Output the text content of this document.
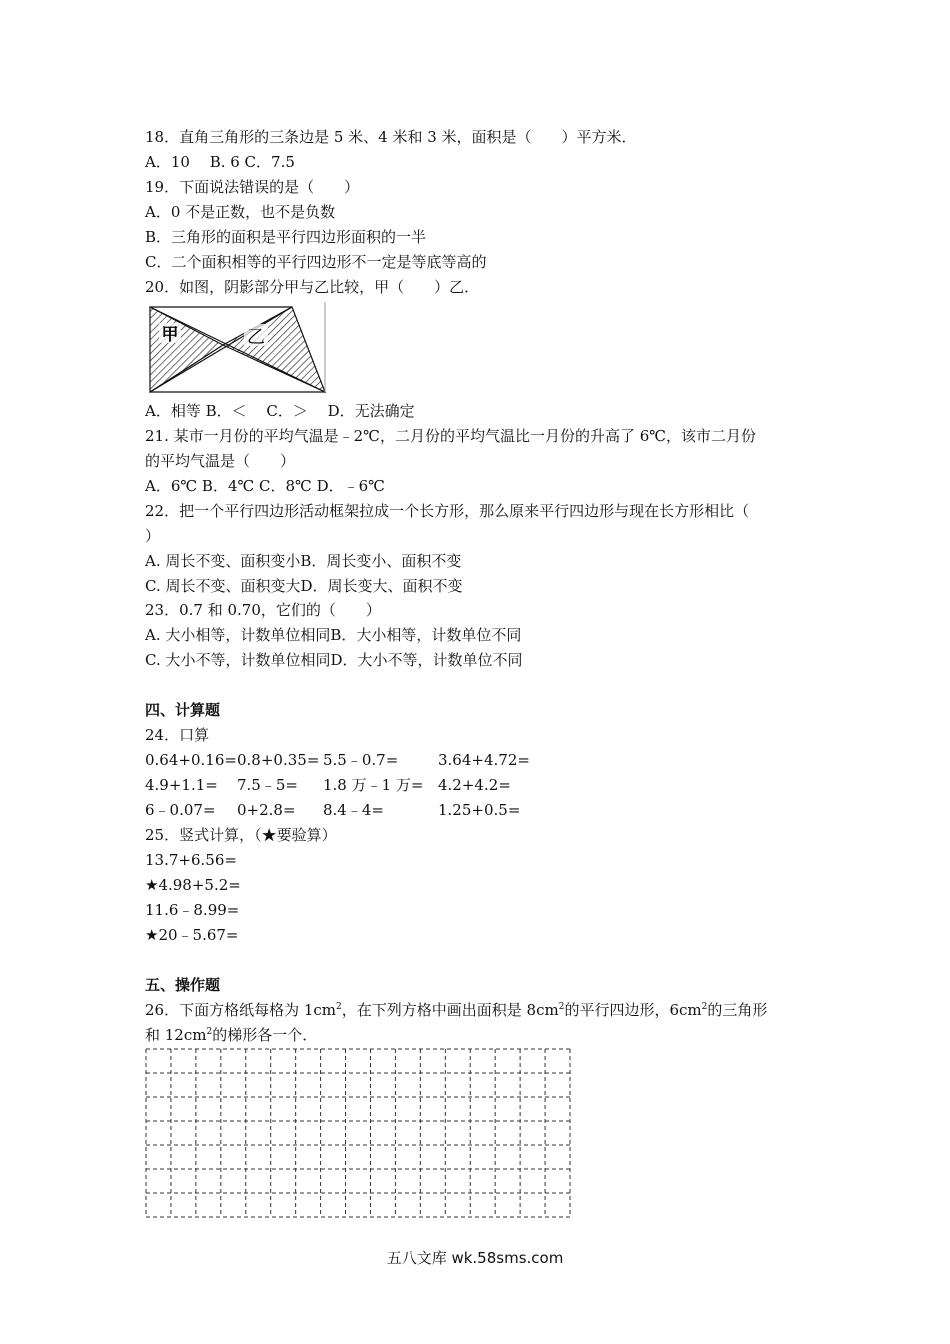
18．直角三角形的三条边是 5 米、4 米和 3 米，面积是（　　）平方米．
A．10　 B. 6 C．7.5
19．下面说法错误的是（　　）
A．0 不是正数，也不是负数
B．三角形的面积是平行四边形面积的一半
C．二个面积相等的平行四边形不一定是等底等高的
20．如图，阴影部分甲与乙比较，甲（　　）乙．
甲	乙
A．相等 B．＜　 C．＞　 D．无法确定
21. 某市一月份的平均气温是﹣2℃，二月份的平均气温比一月份的升高了 6℃，该市二月份
的平均气温是（　　）
A．6℃ B．4℃ C．8℃ D．﹣6℃
22．把一个平行四边形活动框架拉成一个长方形，那么原来平行四边形与现在长方形相比（
）
A. 周长不变、面积变小B．周长变小、面积不变
C. 周长不变、面积变大D．周长变大、面积不变
23．0.7 和 0.70，它们的（　　）
A. 大小相等，计数单位相同B．大小相等，计数单位不同
C. 大小不等，计数单位相同D．大小不等，计数单位不同
四、计算题
24．口算
0.64+0.16= 0.8+0.35= 5.5﹣0.7=	3.64+4.72=
4.9+1.1= 7.5﹣5= 1.8 万﹣1 万= 4.2+4.2=
6﹣0.07= 0+2.8= 8.4﹣4=	1.25+0.5=
25．竖式计算，（★要验算）
13.7+6.56=
★4.98+5.2=
11.6﹣8.99=
★20﹣5.67=
五、操作题
26．下面方格纸每格为 $1cm^2$，在下列方格中画出面积是 $8cm^2$的平行四边形，$6cm^2$的三角形
和 $12cm^2$的梯形各一个．
五八文库 wk.58sms.com
